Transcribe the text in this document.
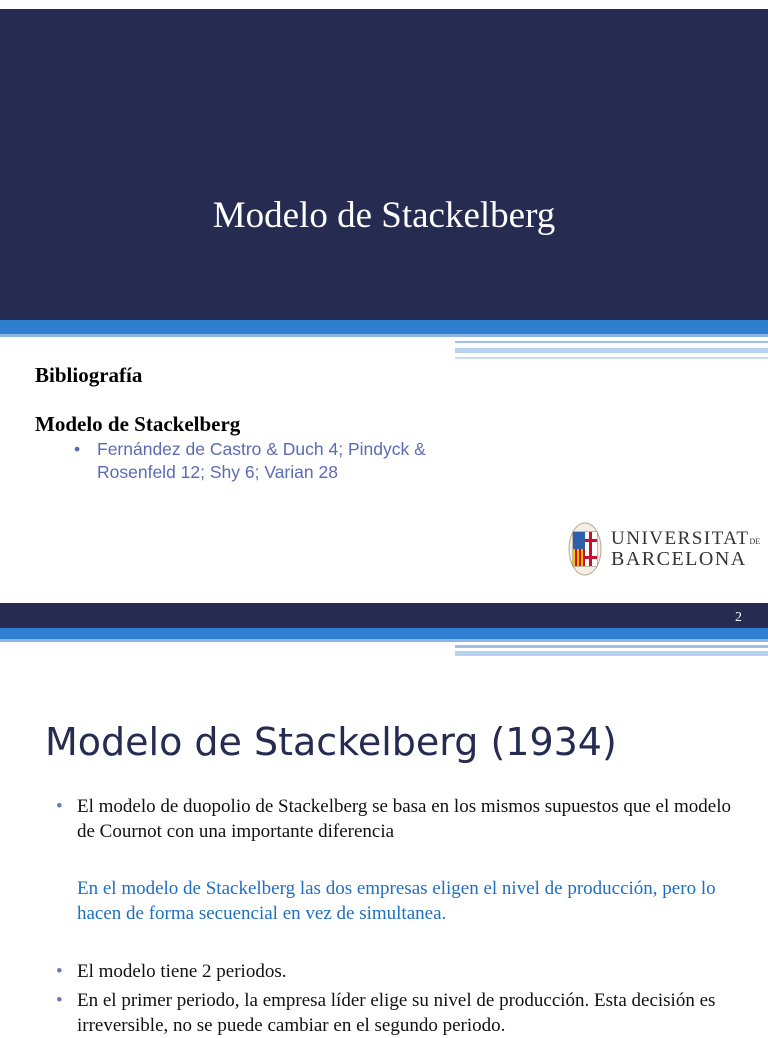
Modelo de Stackelberg
Bibliografía
Modelo de Stackelberg
• Fernández de Castro & Duch 4; Pindyck & Rosenfeld 12; Shy 6; Varian 28
UNIVERSITATDE
BARCELONA
2
Modelo de Stackelberg (1934)
• El modelo de duopolio de Stackelberg se basa en los mismos supuestos que el modelo de Cournot con una importante diferencia
En el modelo de Stackelberg las dos empresas eligen el nivel de producción, pero lo hacen de forma secuencial en vez de simultanea.
• El modelo tiene 2 periodos.
• En el primer periodo, la empresa líder elige su nivel de producción. Esta decisión es irreversible, no se puede cambiar en el segundo periodo.
